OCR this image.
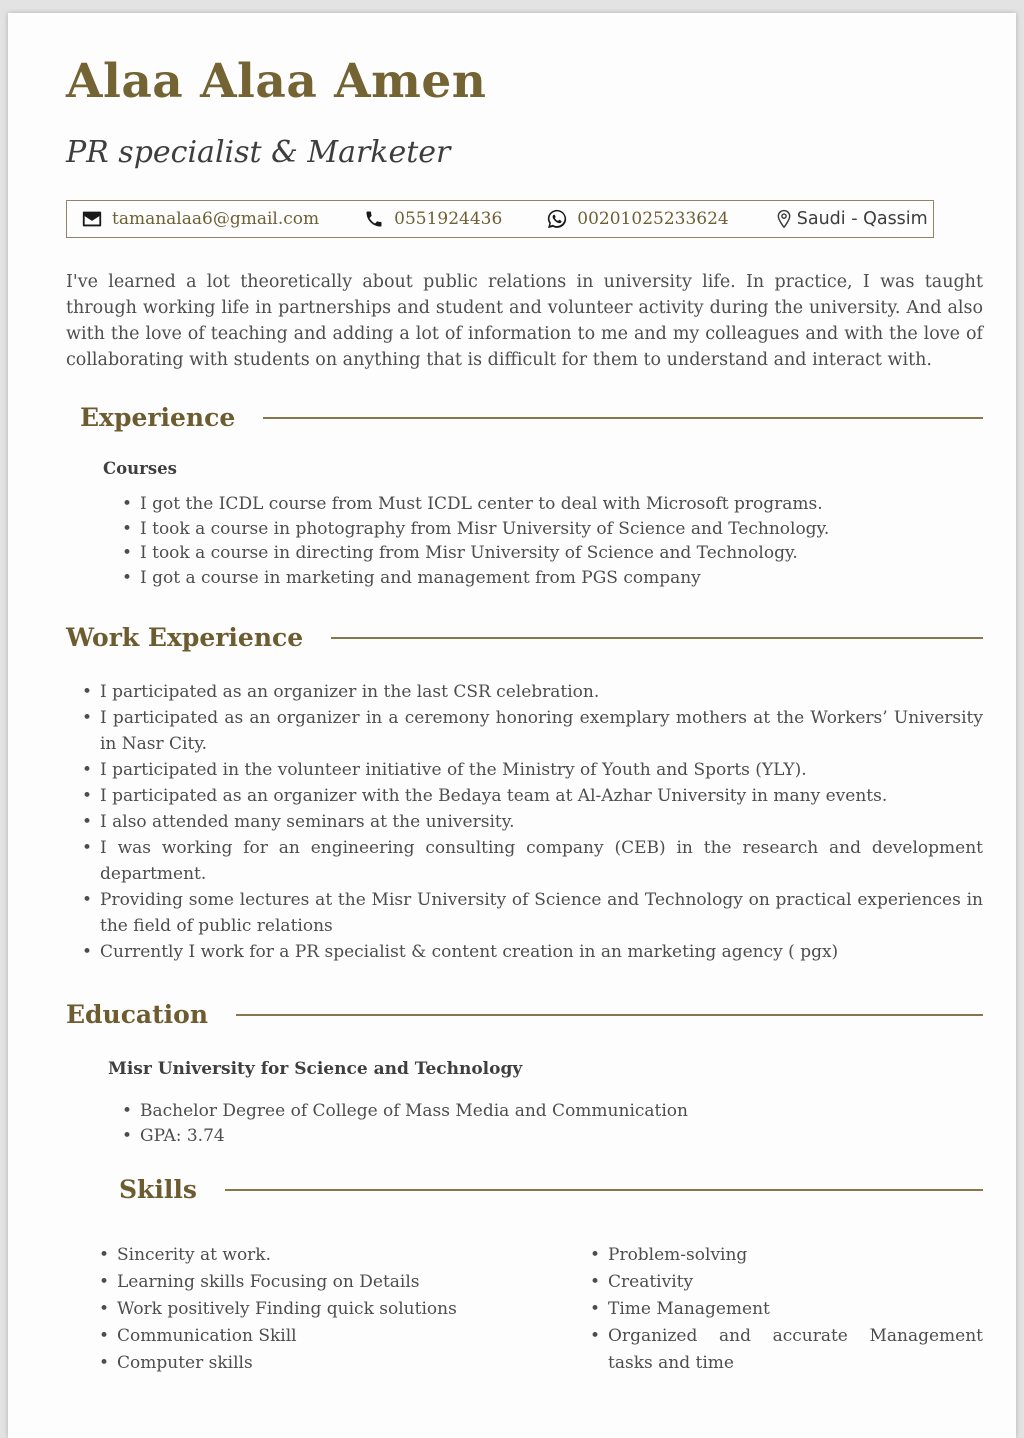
Alaa Alaa Amen
PR specialist & Marketer
tamanalaa6@gmail.com	0551924436	00201025233624	Saudi - Qassim

I've learned a lot theoretically about public relations in university life. In practice, I was taught through working life in partnerships and student and volunteer activity during the university. And also with the love of teaching and adding a lot of information to me and my colleagues and with the love of collaborating with students on anything that is difficult for them to understand and interact with.

Experience
Courses
• I got the ICDL course from Must ICDL center to deal with Microsoft programs.
• I took a course in photography from Misr University of Science and Technology.
• I took a course in directing from Misr University of Science and Technology.
• I got a course in marketing and management from PGS company
Work Experience
• I participated as an organizer in the last CSR celebration.
• I participated as an organizer in a ceremony honoring exemplary mothers at the Workers’ University in Nasr City.
• I participated in the volunteer initiative of the Ministry of Youth and Sports (YLY).
• I participated as an organizer with the Bedaya team at Al-Azhar University in many events.
• I also attended many seminars at the university.
• I was working for an engineering consulting company (CEB) in the research and development department.
• Providing some lectures at the Misr University of Science and Technology on practical experiences in the field of public relations
• Currently I work for a PR specialist & content creation in an marketing agency ( pgx)
Education
Misr University for Science and Technology
• Bachelor Degree of College of Mass Media and Communication
• GPA: 3.74
Skills
• Sincerity at work.
• Learning skills Focusing on Details
• Work positively Finding quick solutions
• Communication Skill
• Computer skills
• Problem-solving
• Creativity
• Time Management
• Organized and accurate Management tasks and time
